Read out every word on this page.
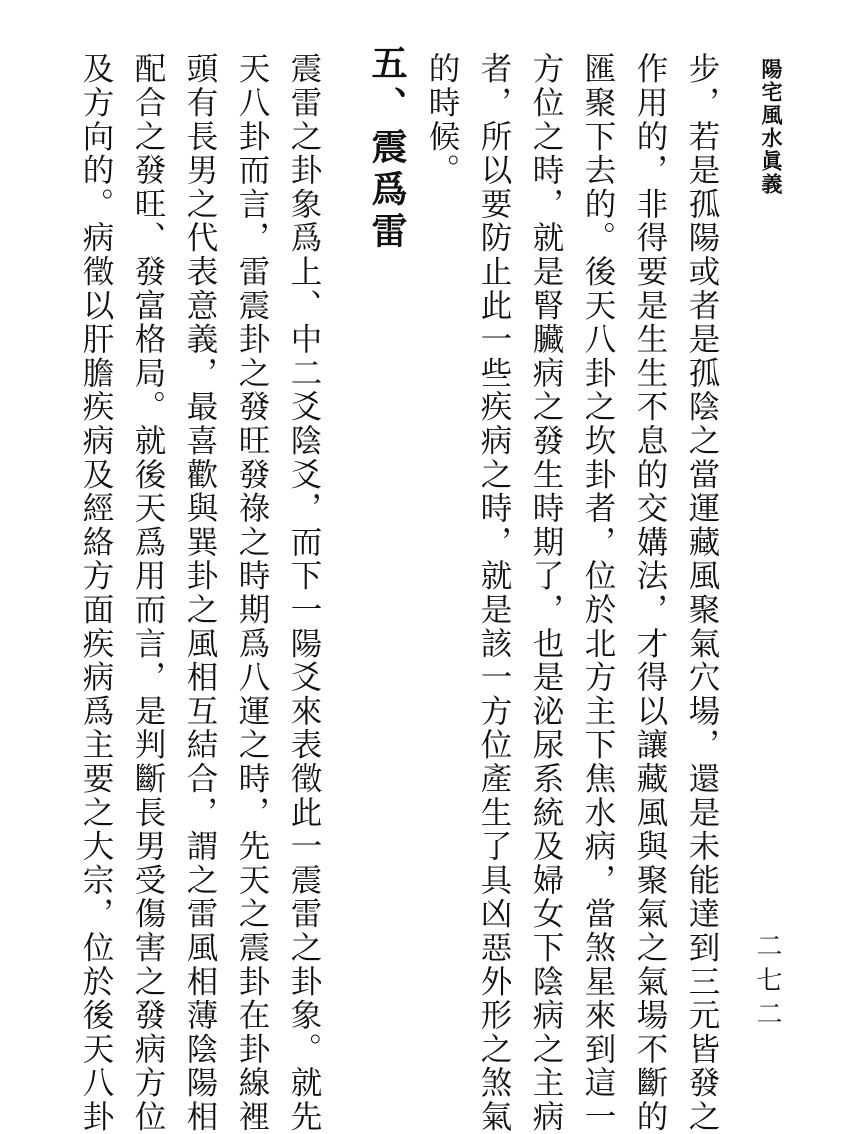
陽宅風水眞義
二七二
步，若是孤陽或者是孤陰之當運藏風聚氣穴場，還是未能達到三元皆發之
作用的，非得要是生生不息的交媾法，才得以讓藏風與聚氣之氣場不斷的
匯聚下去的。後天八卦之坎卦者，位於北方主下焦水病，當煞星來到這一
方位之時，就是腎臟病之發生時期了，也是泌尿系統及婦女下陰病之主病
者，所以要防止此一些疾病之時，就是該一方位產生了具凶惡外形之煞氣
的時候。
五、震爲雷
震雷之卦象爲上、中二爻陰爻，而下一陽爻來表徵此一震雷之卦象。就先
天八卦而言，雷震卦之發旺發祿之時期爲八運之時，先天之震卦在卦線裡
頭有長男之代表意義，最喜歡與巽卦之風相互結合，謂之雷風相薄陰陽相
配合之發旺、發富格局。就後天爲用而言，是判斷長男受傷害之發病方位
及方向的。病徵以肝膽疾病及經絡方面疾病爲主要之大宗，位於後天八卦
